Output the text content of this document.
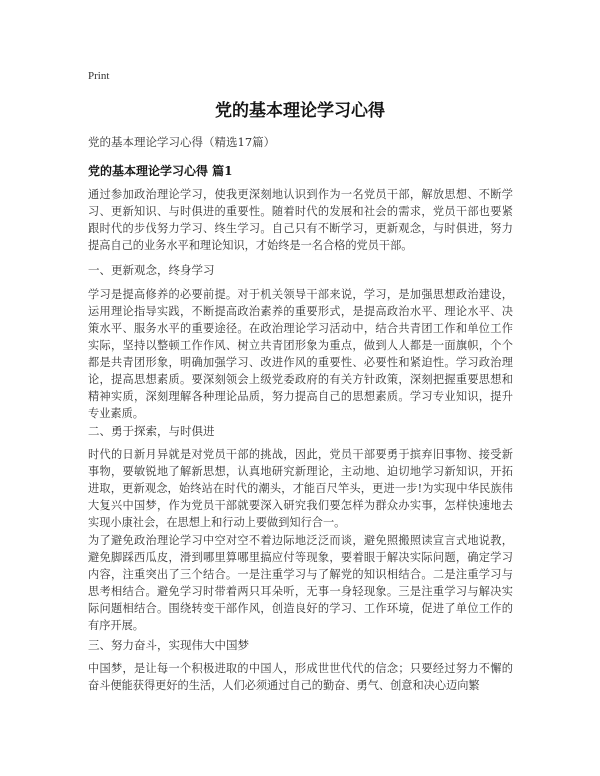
Print
党的基本理论学习心得
党的基本理论学习心得（精选17篇）
党的基本理论学习心得 篇1

通过参加政治理论学习，使我更深刻地认识到作为一名党员干部，解放思想、不断学习、更新知识、与时俱进的重要性。随着时代的发展和社会的需求，党员干部也要紧跟时代的步伐努力学习、终生学习。自己只有不断学习，更新观念，与时俱进，努力提高自己的业务水平和理论知识，才始终是一名合格的党员干部。

一、更新观念，终身学习

学习是提高修养的必要前提。对于机关领导干部来说，学习，是加强思想政治建设，运用理论指导实践，不断提高政治素养的重要形式，是提高政治水平、理论水平、决策水平、服务水平的重要途径。在政治理论学习活动中，结合共青团工作和单位工作实际，坚持以整顿工作作风、树立共青团形象为重点，做到人人都是一面旗帜，个个都是共青团形象，明确加强学习、改进作风的重要性、必要性和紧迫性。学习政治理论，提高思想素质。要深刻领会上级党委政府的有关方针政策，深刻把握重要思想和精神实质，深刻理解各种理论品质，努力提高自己的思想素质。学习专业知识，提升专业素质。

二、勇于探索，与时俱进

时代的日新月异就是对党员干部的挑战，因此，党员干部要勇于摈弃旧事物、接受新事物，要敏锐地了解新思想，认真地研究新理论，主动地、迫切地学习新知识，开拓进取，更新观念，始终站在时代的潮头，才能百尺竿头，更进一步!为实现中华民族伟大复兴中国梦，作为党员干部就要深入研究我们要怎样为群众办实事，怎样快速地去实现小康社会，在思想上和行动上要做到知行合一。

为了避免政治理论学习中空对空不着边际地泛泛而谈，避免照搬照读宣言式地说教，避免脚踩西瓜皮，滑到哪里算哪里搞应付等现象，要着眼于解决实际问题，确定学习内容，注重突出了三个结合。一是注重学习与了解党的知识相结合。二是注重学习与思考相结合。避免学习时带着两只耳朵听，无事一身轻现象。三是注重学习与解决实际问题相结合。围绕转变干部作风，创造良好的学习、工作环境，促进了单位工作的有序开展。

三、努力奋斗，实现伟大中国梦

中国梦，是让每一个积极进取的中国人，形成世世代代的信念；只要经过努力不懈的奋斗便能获得更好的生活，人们必须通过自己的勤奋、勇气、创意和决心迈向繁
